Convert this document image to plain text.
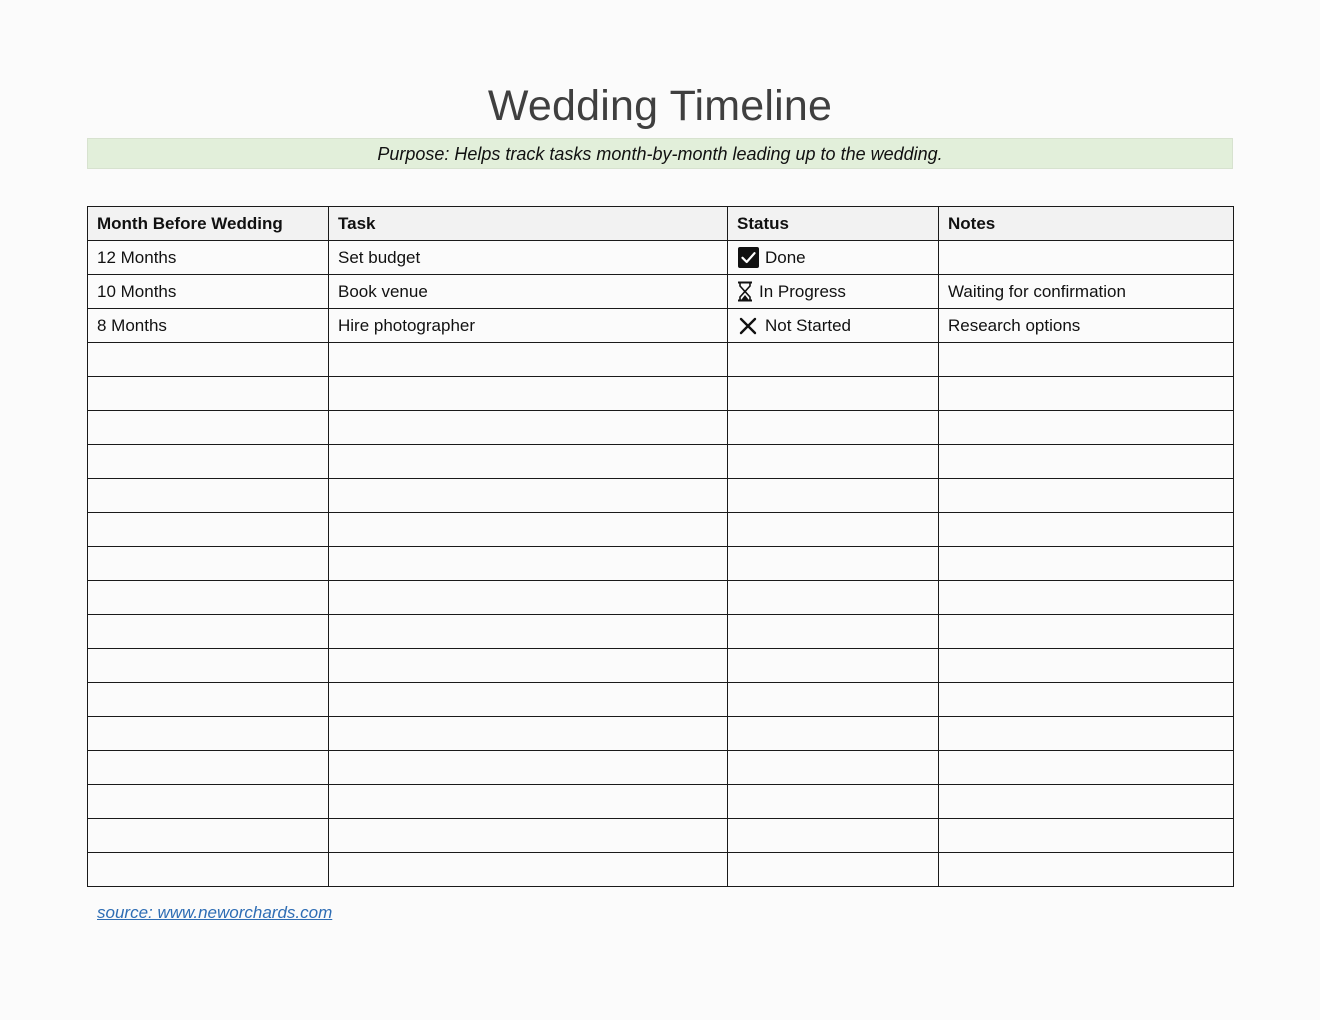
Wedding Timeline
Purpose: Helps track tasks month-by-month leading up to the wedding.
Month Before Wedding	Task	Status	Notes
12 Months	Set budget	Done	

10 Months	Book venue	In Progress	Waiting for confirmation
8 Months	Hire photographer	Not Started	Research options

source: www.neworchards.com
